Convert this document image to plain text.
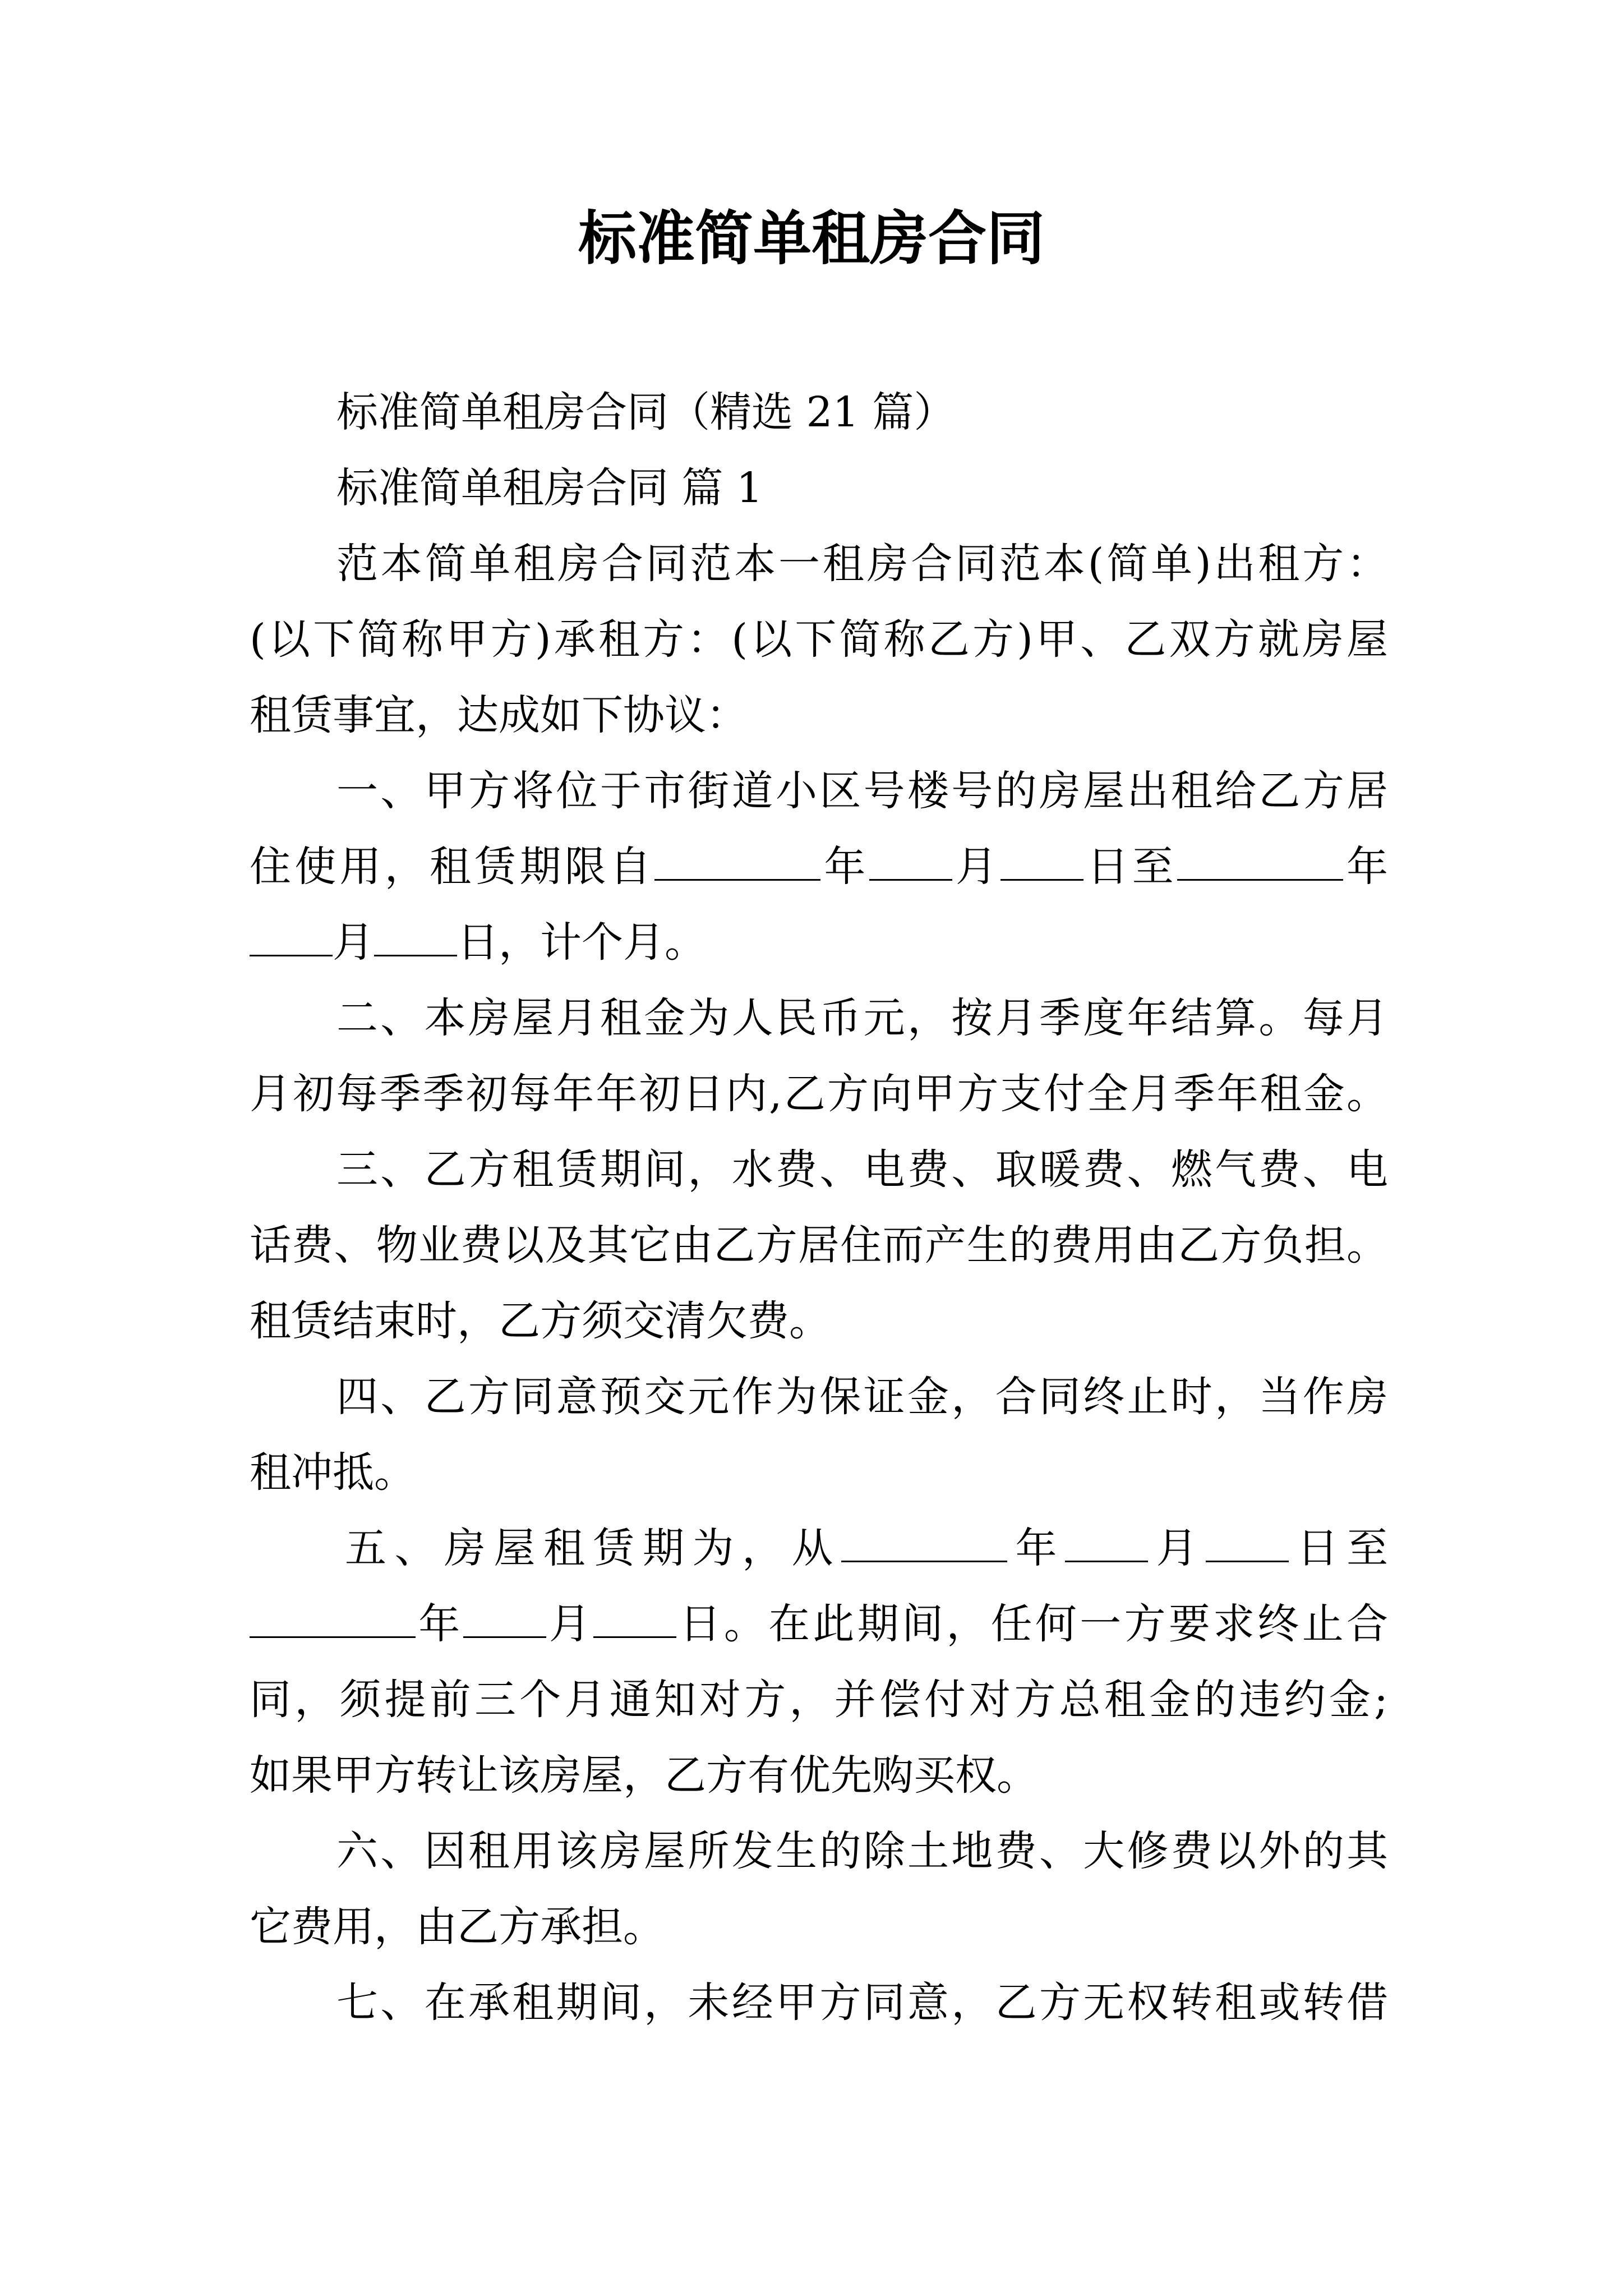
标准简单租房合同
标准简单租房合同（精选 21 篇）
标准简单租房合同 篇 1
范本简单租房合同范本一租房合同范本(简单)出租方：
(以下简称甲方)承租方：(以下简称乙方)甲、乙双方就房屋
租赁事宜，达成如下协议：
一、甲方将位于市街道小区号楼号的房屋出租给乙方居
住使用，租赁期限自	年 月 日至	年
月 日，计个月。
二、本房屋月租金为人民币元，按月季度年结算。每月
月初每季季初每年年初日内,乙方向甲方支付全月季年租金。
三、乙方租赁期间，水费、电费、取暖费、燃气费、电
话费、物业费以及其它由乙方居住而产生的费用由乙方负担。
租赁结束时，乙方须交清欠费。
四、乙方同意预交元作为保证金，合同终止时，当作房
租冲抵。
五、房屋租赁期为，从	年 月 日至
年 月 日。在此期间，任何一方要求终止合
同，须提前三个月通知对方，并偿付对方总租金的违约金;
如果甲方转让该房屋，乙方有优先购买权。
六、因租用该房屋所发生的除土地费、大修费以外的其
它费用，由乙方承担。
七、在承租期间，未经甲方同意，乙方无权转租或转借
